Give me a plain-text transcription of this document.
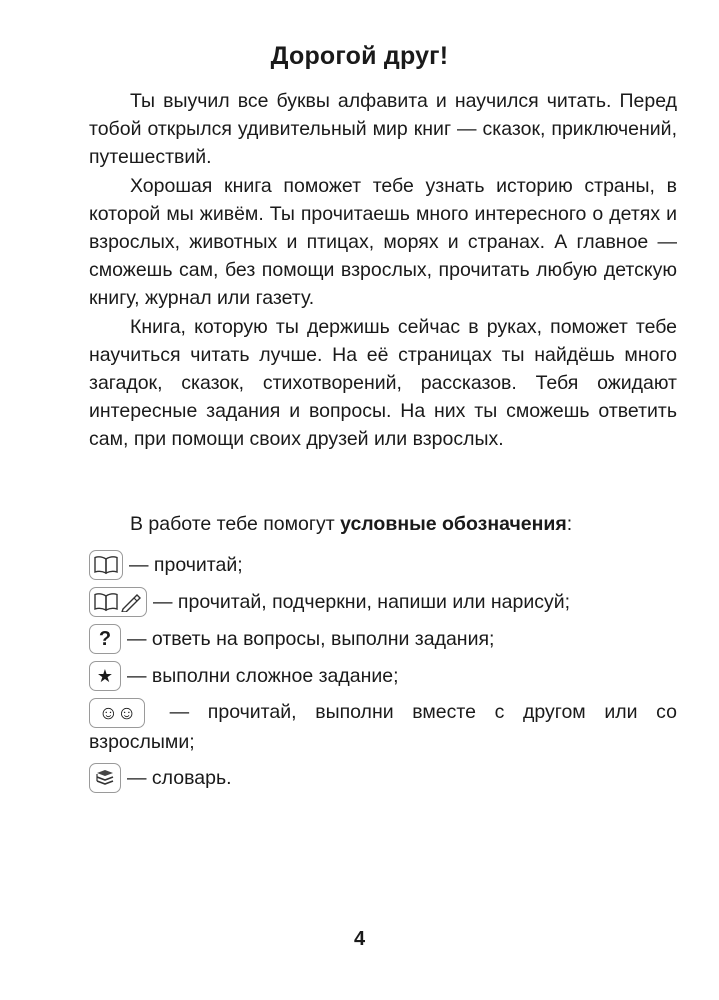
Дорогой друг!

Ты выучил все буквы алфавита и научился читать. Перед тобой открылся удивительный мир книг — сказок, приключений, путешествий.

Хорошая книга поможет тебе узнать историю страны, в которой мы живём. Ты прочитаешь много интересного о детях и взрослых, животных и птицах, морях и странах. А главное — сможешь сам, без помощи взрослых, прочитать любую детскую книгу, журнал или газету.

Книга, которую ты держишь сейчас в руках, поможет тебе научиться читать лучше. На её страницах ты найдёшь много загадок, сказок, стихотворений, рассказов. Тебя ожидают интересные задания и вопросы. На них ты сможешь ответить сам, при помощи своих друзей или взрослых.

В работе тебе помогут условные обозначения:

— прочитай;
— прочитай, подчеркни, напиши или нарисуй;
? — ответь на вопросы, выполни задания;
★ — выполни сложное задание;
☺☺ — прочитай, выполни вместе с другом или со взрослыми;
— словарь.
4
